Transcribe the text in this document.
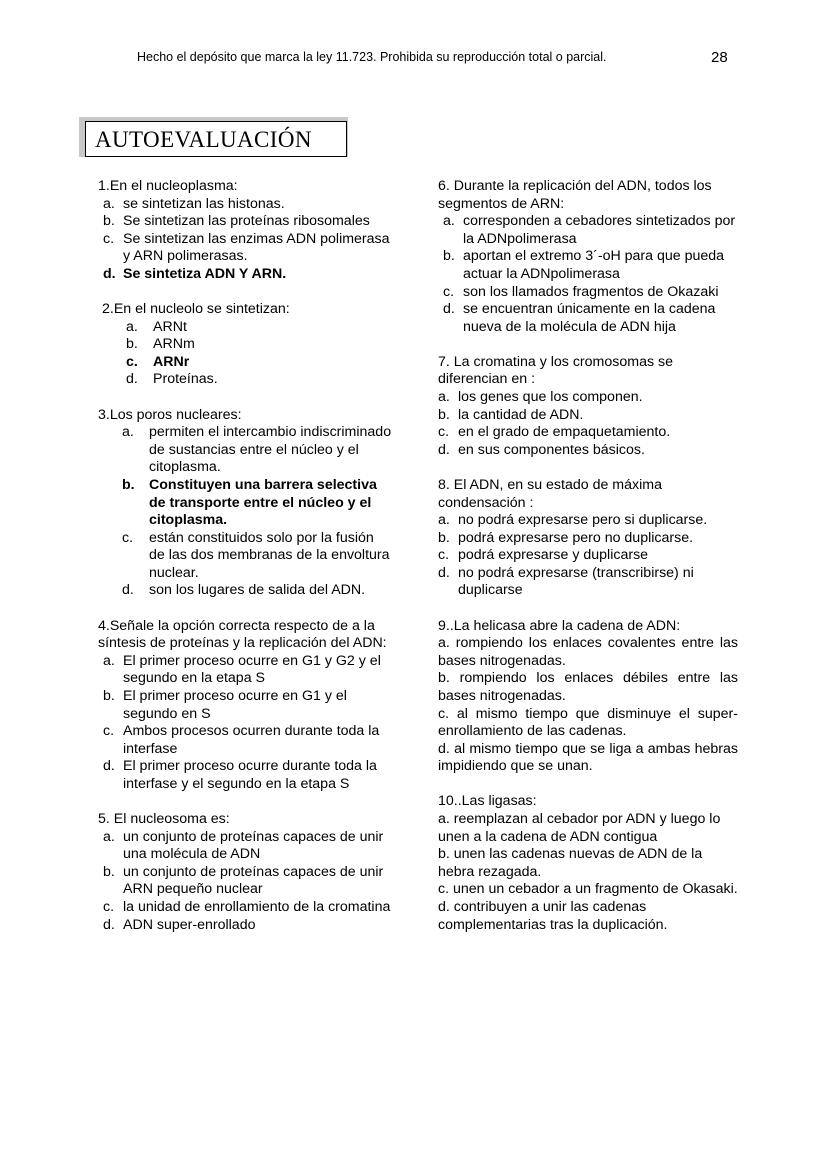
Hecho el depósito que marca la ley 11.723. Prohibida su reproducción total o parcial.	28
AUTOEVALUACIÓN
1.En el nucleoplasma:
a. se sintetizan las histonas.
b. Se sintetizan las proteínas ribosomales
c. Se sintetizan las enzimas ADN polimerasa y ARN polimerasas.
d. Se sintetiza ADN Y ARN.
2.En el nucleolo se sintetizan:
a.	ARNt
b.	ARNm
c.	ARNr
d.	Proteínas.
3.Los poros nucleares:
a.	permiten el intercambio indiscriminado de sustancias entre el núcleo y el citoplasma.
b.	Constituyen una barrera selectiva de transporte entre el núcleo y el citoplasma.
c.	están constituidos solo por la fusión de las dos membranas de la envoltura nuclear.
d.	son los lugares de salida del ADN.
4.Señale la opción correcta respecto de a la síntesis de proteínas y la replicación del ADN:
a. El primer proceso ocurre en G1 y G2 y el segundo en la etapa S
b. El primer proceso ocurre en G1 y el segundo en S
c. Ambos procesos ocurren durante toda la interfase
d. El primer proceso ocurre durante toda la interfase y el segundo en la etapa S
5. El nucleosoma es:
a. un conjunto de proteínas capaces de unir una molécula de ADN
b. un conjunto de proteínas capaces de unir ARN pequeño nuclear
c. la unidad de enrollamiento de la cromatina
d. ADN super-enrollado
6. Durante la replicación del ADN, todos los segmentos de ARN:
a. corresponden a cebadores sintetizados por la ADNpolimerasa
b. aportan el extremo 3´-oH para que pueda actuar la ADNpolimerasa
c. son los llamados fragmentos de Okazaki
d. se encuentran únicamente en la cadena nueva de la molécula de ADN hija
7. La cromatina y los cromosomas se diferencian en :
a. los genes que los componen.
b. la cantidad de ADN.
c. en el grado de empaquetamiento.
d. en sus componentes básicos.
8. El ADN, en su estado de máxima condensación :
a. no podrá expresarse pero si duplicarse.
b. podrá expresarse pero no duplicarse.
c. podrá expresarse y duplicarse
d. no podrá expresarse (transcribirse) ni duplicarse
9..La helicasa abre la cadena de ADN:
a. rompiendo los enlaces covalentes entre las bases nitrogenadas.
b. rompiendo los enlaces débiles entre las bases nitrogenadas.
c. al mismo tiempo que disminuye el super-enrollamiento de las cadenas.
d. al mismo tiempo que se liga a ambas hebras impidiendo que se unan.
10..Las ligasas:
a. reemplazan al cebador por ADN y luego lo unen a la cadena de ADN contigua
b. unen las cadenas nuevas de ADN de la hebra rezagada.
c. unen un cebador a un fragmento de Okasaki.
d. contribuyen a unir las cadenas complementarias tras la duplicación.
